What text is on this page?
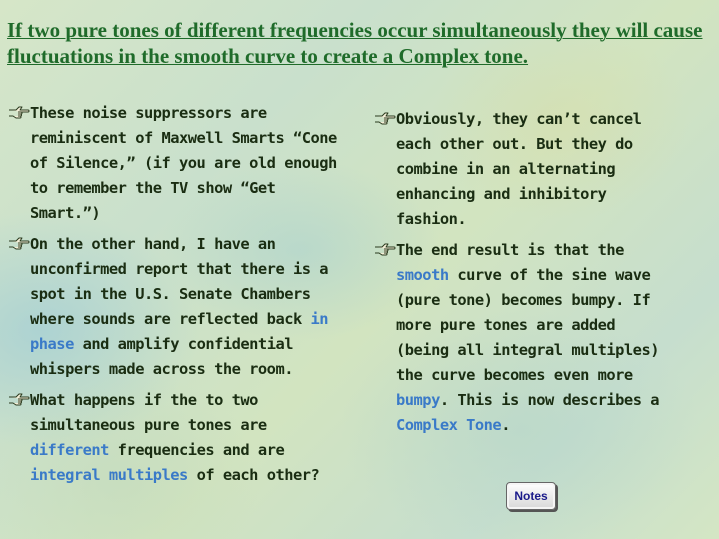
If two pure tones of different frequencies occur simultaneously they will cause fluctuations in the smooth curve to create a Complex tone.
These noise suppressors are reminiscent of Maxwell Smarts “Cone of Silence,” (if you are old enough to remember the TV show “Get Smart.”)
On the other hand, I have an unconfirmed report that there is a spot in the U.S. Senate Chambers where sounds are reflected back in phase and amplify confidential whispers made across the room.
What happens if the to two simultaneous pure tones are different frequencies and are integral multiples of each other?
Obviously, they can’t cancel each other out. But they do combine in an alternating enhancing and inhibitory fashion.
The end result is that the smooth curve of the sine wave (pure tone) becomes bumpy. If more pure tones are added (being all integral multiples) the curve becomes even more bumpy. This is now describes a Complex Tone.
Notes
